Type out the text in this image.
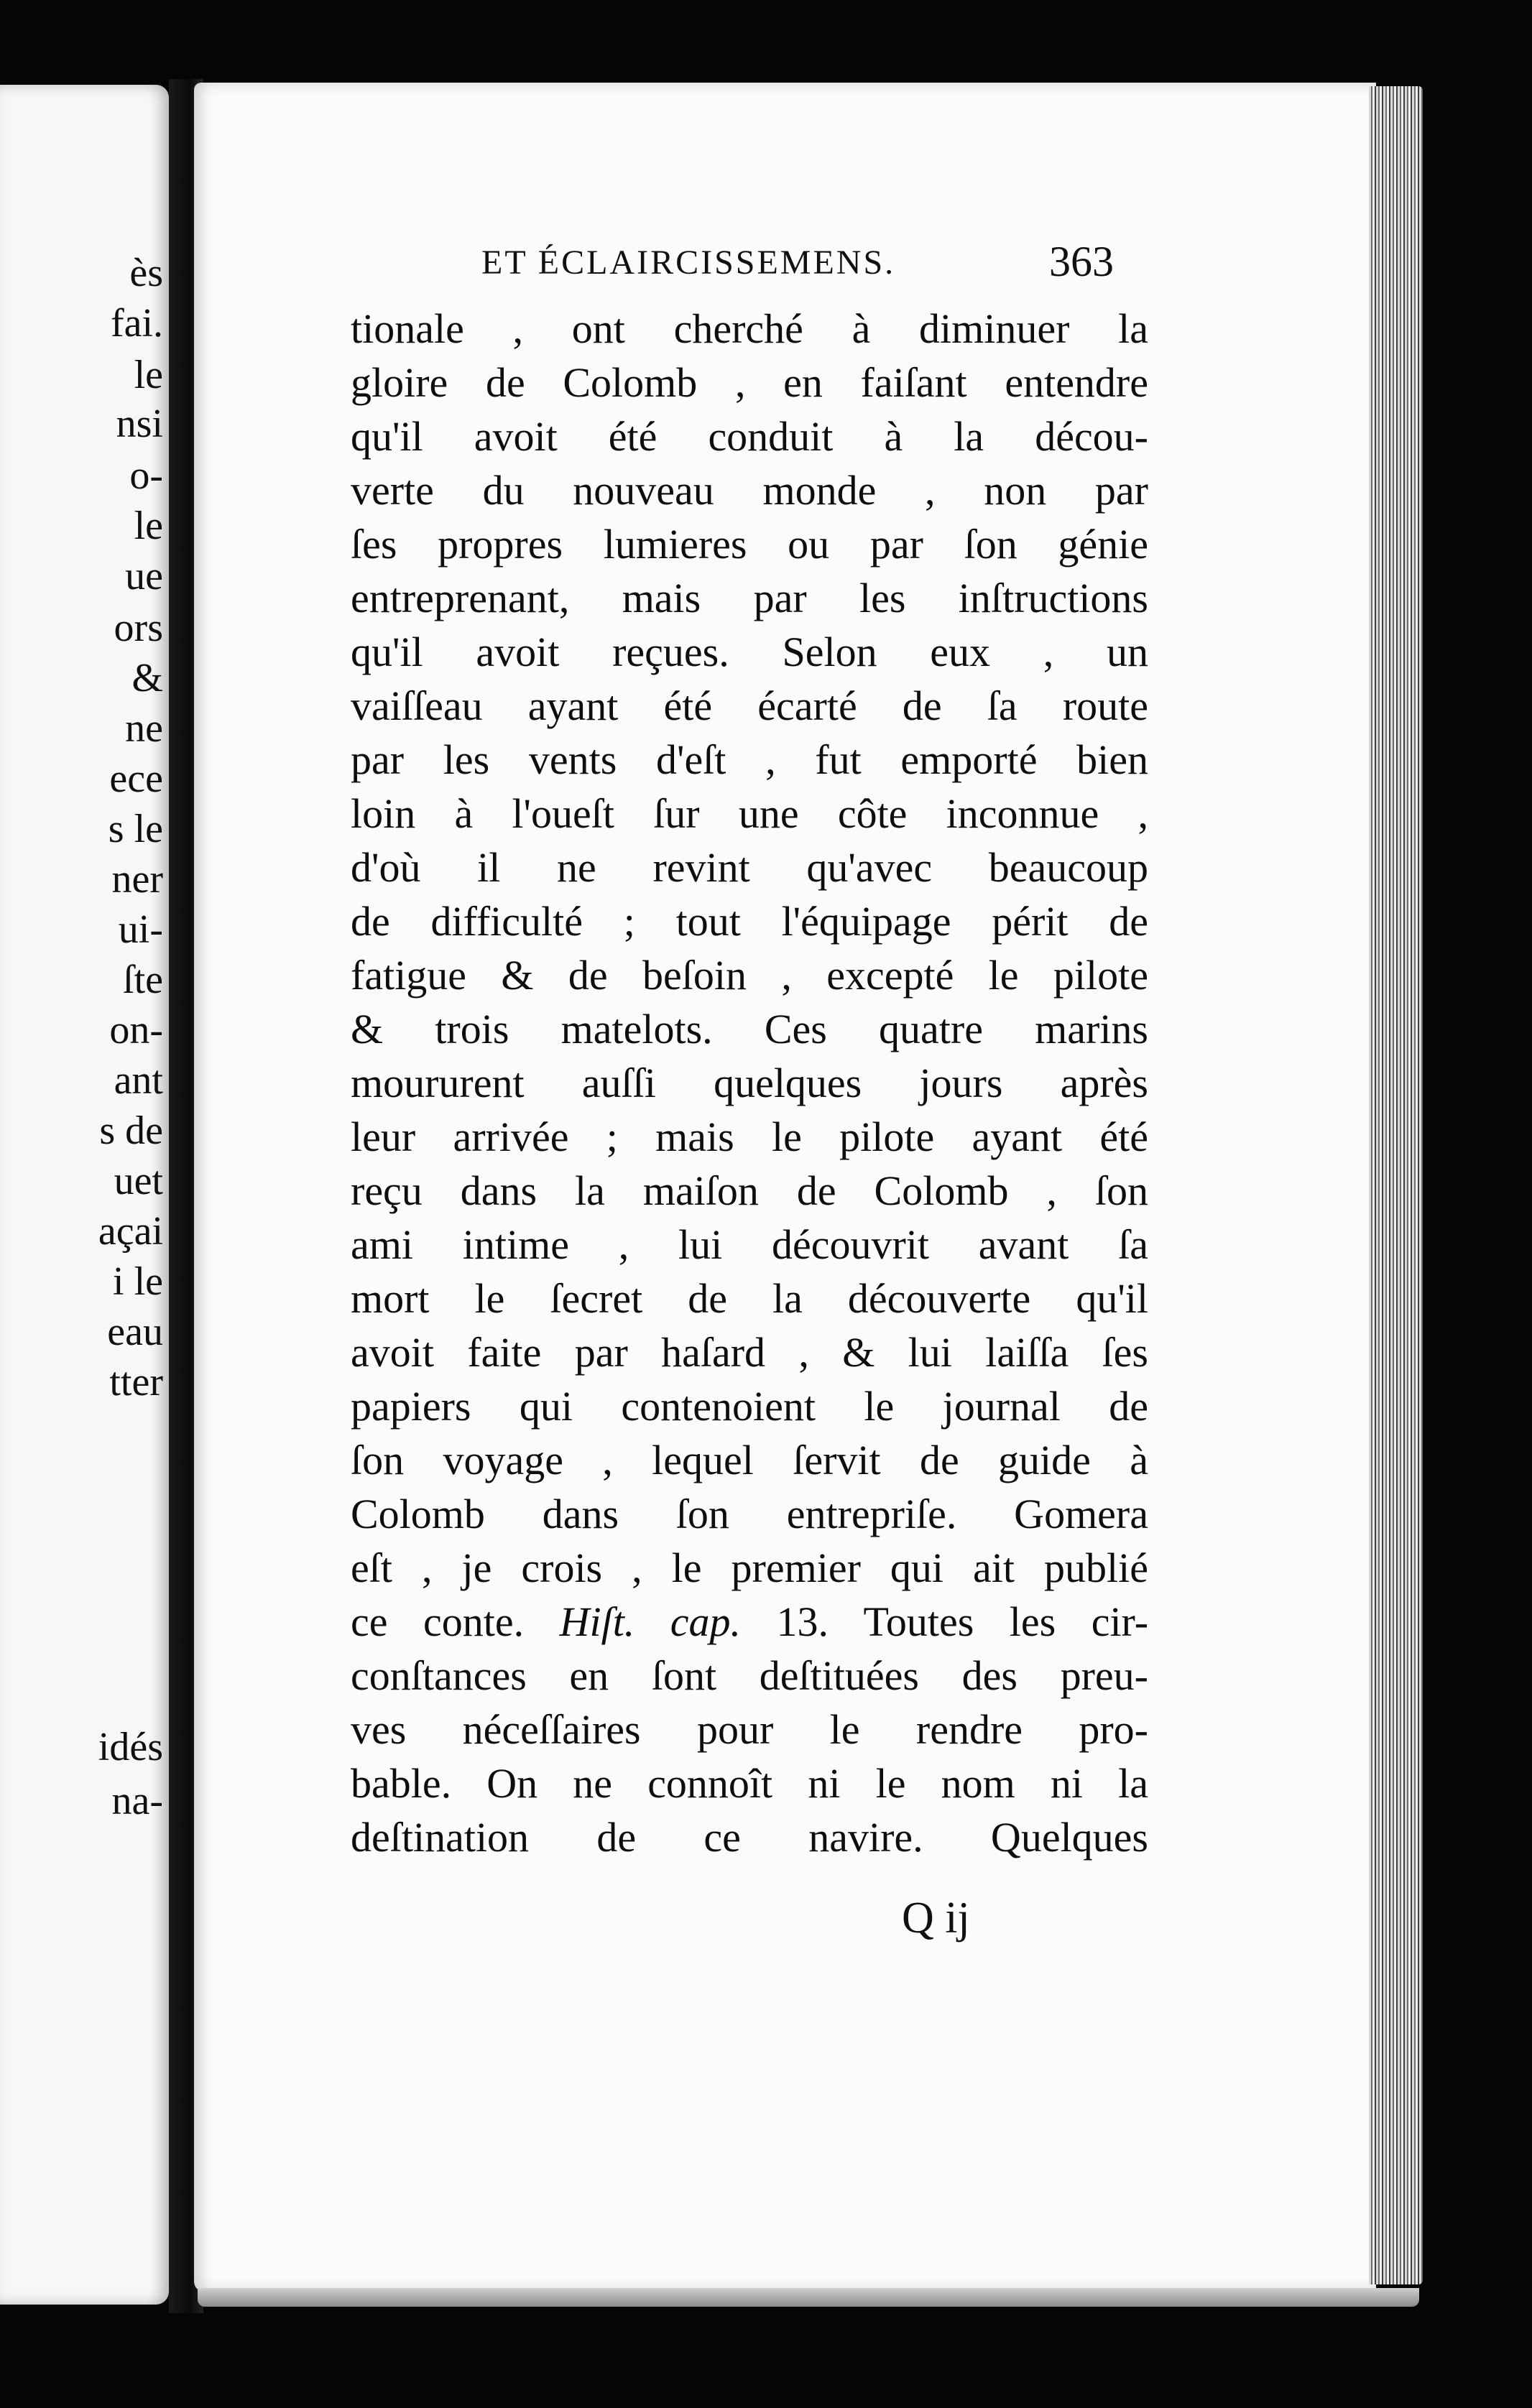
ès

fai.

le

nsi

o-

le

ue

ors

&

ne

ece

s le

ner

ui-

ſte

on-

ant

s de

uet

açai

i le

eau

tter

idés

na-

ET ÉCLAIRCISSEMENS.	363

tionale , ont cherché à diminuer la
gloire de Colomb , en faiſant entendre
qu'il avoit été conduit à la décou-
verte du nouveau monde , non par
ſes propres lumieres ou par ſon génie
entreprenant, mais par les inſtructions
qu'il avoit reçues. Selon eux , un
vaiſſeau ayant été écarté de ſa route
par les vents d'eſt , fut emporté bien
loin à l'oueſt ſur une côte inconnue ,
d'où il ne revint qu'avec beaucoup
de difficulté ; tout l'équipage périt de
fatigue & de beſoin , excepté le pilote
& trois matelots. Ces quatre marins
moururent auſſi quelques jours après
leur arrivée ; mais le pilote ayant été
reçu dans la maiſon de Colomb , ſon
ami intime , lui découvrit avant ſa
mort le ſecret de la découverte qu'il
avoit faite par haſard , & lui laiſſa ſes
papiers qui contenoient le journal de
ſon voyage , lequel ſervit de guide à
Colomb dans ſon entrepriſe. Gomera
eſt , je crois , le premier qui ait publié
ce conte. Hiſt. cap. 13. Toutes les cir-
conſtances en ſont deſtituées des preu-
ves néceſſaires pour le rendre pro-
bable. On ne connoît ni le nom ni la
deſtination de ce navire. Quelques

Q ij
